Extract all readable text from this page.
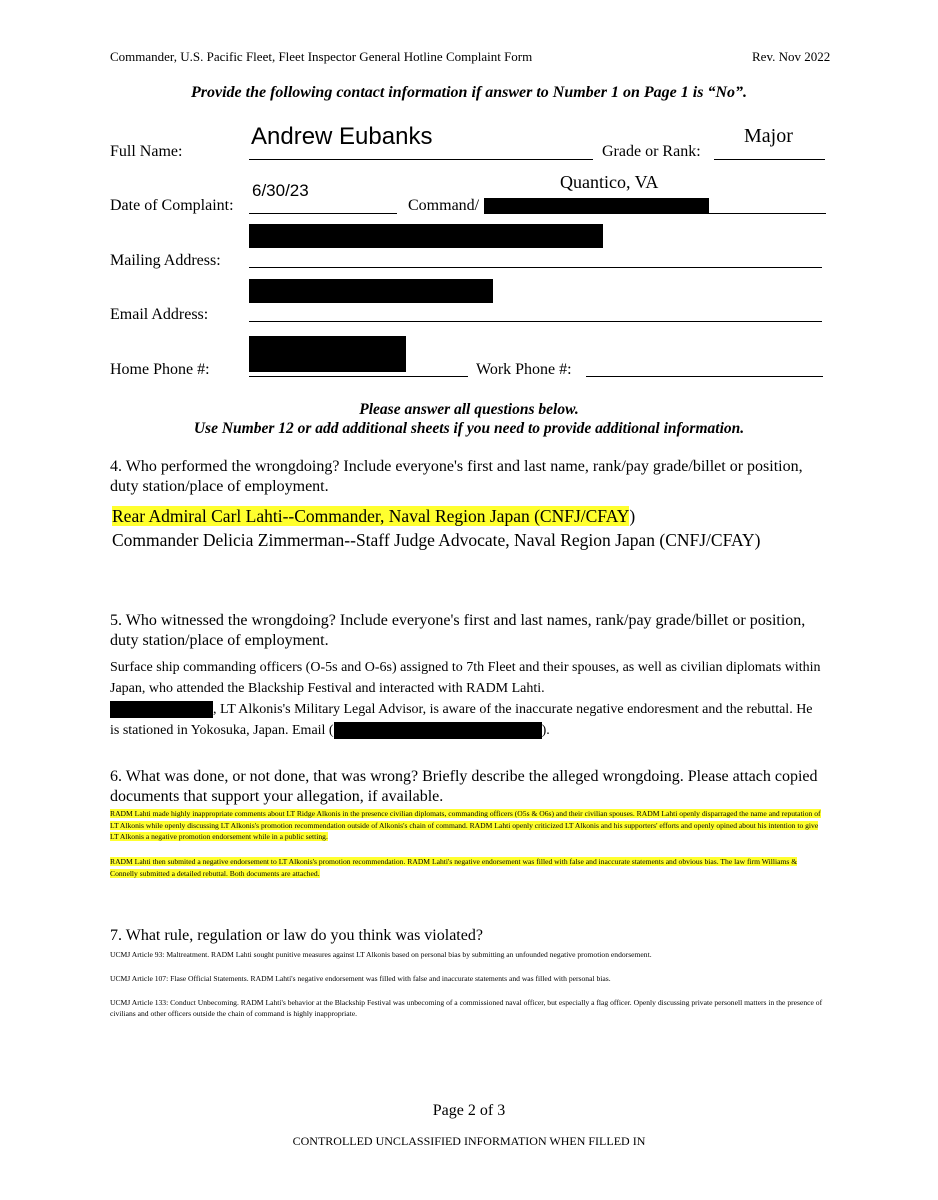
Commander, U.S. Pacific Fleet, Fleet Inspector General Hotline Complaint Form	Rev. Nov 2022
Provide the following contact information if answer to Number 1 on Page 1 is “No”.
Full Name:
Andrew Eubanks
Grade or Rank:
Major
Date of Complaint:
6/30/23
Command/
Quantico, VA
Mailing Address:
Email Address:
Home Phone #:	Work Phone #:
Please answer all questions below.
Use Number 12 or add additional sheets if you need to provide additional information.
4. Who performed the wrongdoing? Include everyone's first and last name, rank/pay grade/billet or position, duty station/place of employment.
Rear Admiral Carl Lahti--Commander, Naval Region Japan (CNFJ/CFAY)
Commander Delicia Zimmerman--Staff Judge Advocate, Naval Region Japan (CNFJ/CFAY)
5. Who witnessed the wrongdoing? Include everyone's first and last names, rank/pay grade/billet or position, duty station/place of employment.
Surface ship commanding officers (O-5s and O-6s) assigned to 7th Fleet and their spouses, as well as civilian diplomats within Japan, who attended the Blackship Festival and interacted with RADM Lahti.
, LT Alkonis's Military Legal Advisor, is aware of the inaccurate negative endoresment and the rebuttal. He is stationed in Yokosuka, Japan. Email (	).
6. What was done, or not done, that was wrong? Briefly describe the alleged wrongdoing. Please attach copied documents that support your allegation, if available.
RADM Lahti made highly inappropriate comments about LT Ridge Alkonis in the presence civilian diplomats, commanding officers (O5s & O6s) and their civilian spouses. RADM Lahti openly disparraged the name and reputation of LT Alkonis while openly discussing LT Alkonis's promotion recommendation outside of Alkonis's chain of command. RADM Lahti openly criticized LT Alkonis and his supporters' efforts and openly opined about his intention to give LT Alkonis a negative promotion endorsement while in a public setting.
RADM Lahti then submited a negative endorsement to LT Alkonis's promotion recommendation. RADM Lahti's negative endorsement was filled with false and inaccurate statements and obvious bias. The law firm Williams & Connelly submitted a detailed rebuttal. Both documents are attached.
7. What rule, regulation or law do you think was violated?
UCMJ Article 93: Maltreatment. RADM Lahti sought punitive measures against LT Alkonis based on personal bias by submitting an unfounded negative promotion endorsement.
UCMJ Article 107: Flase Official Statements. RADM Lahti's negative endorsement was filled with false and inaccurate statements and was filled with personal bias.
UCMJ Article 133: Conduct Unbecoming. RADM Lahti's behavior at the Blackship Festival was unbecoming of a commissioned naval officer, but especially a flag officer. Openly discussing private personell matters in the presence of civilians and other officers outside the chain of command is highly inappropriate.
Page 2 of 3
CONTROLLED UNCLASSIFIED INFORMATION WHEN FILLED IN
